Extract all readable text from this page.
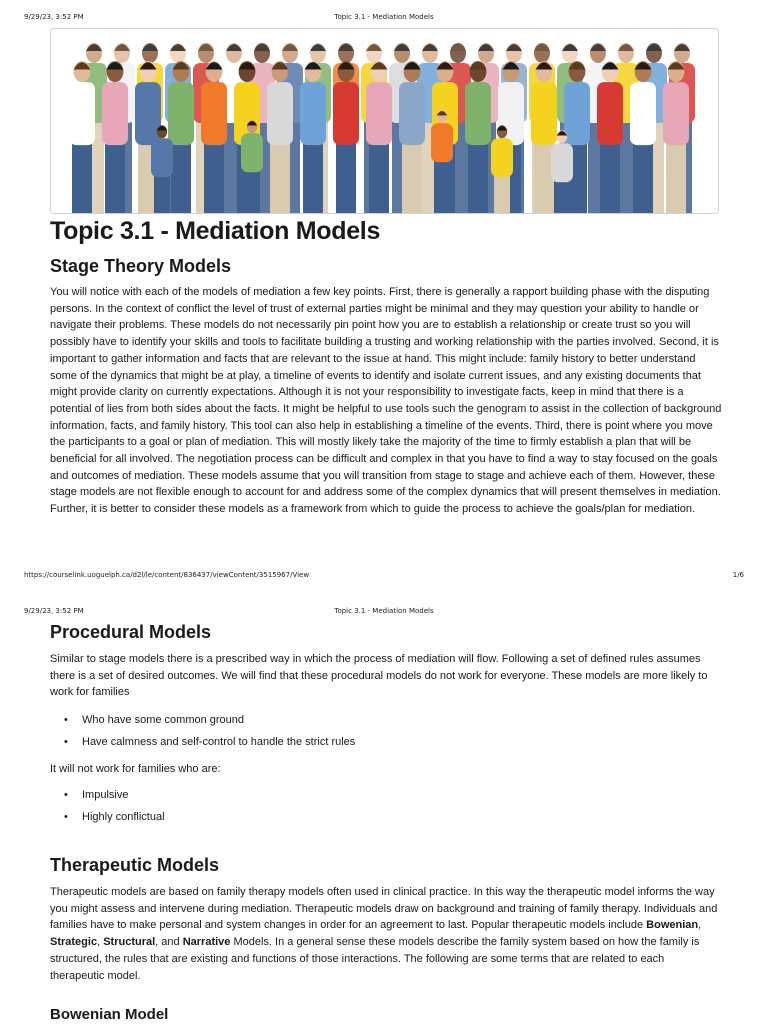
9/29/23, 3:52 PM	Topic 3.1 - Mediation Models
Topic 3.1 - Mediation Models
Stage Theory Models

You will notice with each of the models of mediation a few key points. First, there is generally a rapport building phase with the disputing persons. In the context of conflict the level of trust of external parties might be minimal and they may question your ability to handle or navigate their problems. These models do not necessarily pin point how you are to establish a relationship or create trust so you will possibly have to identify your skills and tools to facilitate building a trusting and working relationship with the parties involved. Second, it is important to gather information and facts that are relevant to the issue at hand. This might include: family history to better understand some of the dynamics that might be at play, a timeline of events to identify and isolate current issues, and any existing documents that might provide clarity on currently expectations. Although it is not your responsibility to investigate facts, keep in mind that there is a potential of lies from both sides about the facts. It might be helpful to use tools such the genogram to assist in the collection of background information, facts, and family history. This tool can also help in establishing a timeline of the events. Third, there is point where you move the participants to a goal or plan of mediation. This will mostly likely take the majority of the time to firmly establish a plan that will be beneficial for all involved. The negotiation process can be difficult and complex in that you have to find a way to stay focused on the goals and outcomes of mediation. These models assume that you will transition from stage to stage and achieve each of them. However, these stage models are not flexible enough to account for and address some of the complex dynamics that will present themselves in mediation. Further, it is better to consider these models as a framework from which to guide the process to achieve the goals/plan for mediation.

https://courselink.uoguelph.ca/d2l/le/content/836437/viewContent/3515967/View	1/6
9/29/23, 3:52 PM	Topic 3.1 - Mediation Models
Procedural Models

Similar to stage models there is a prescribed way in which the process of mediation will flow. Following a set of defined rules assumes there is a set of desired outcomes. We will find that these procedural models do not work for everyone. These models are more likely to work for families

• Who have some common ground
• Have calmness and self-control to handle the strict rules

It will not work for families who are:

• Impulsive
• Highly conflictual
Therapeutic Models

Therapeutic models are based on family therapy models often used in clinical practice. In this way the therapeutic model informs the way you might assess and intervene during mediation. Therapeutic models draw on background and training of family therapy. Individuals and families have to make personal and system changes in order for an agreement to last. Popular therapeutic models include Bowenian, Strategic, Structural, and Narrative Models. In a general sense these models describe the family system based on how the family is structured, the rules that are existing and functions of those interactions. The following are some terms that are related to each therapeutic model.

Bowenian Model
